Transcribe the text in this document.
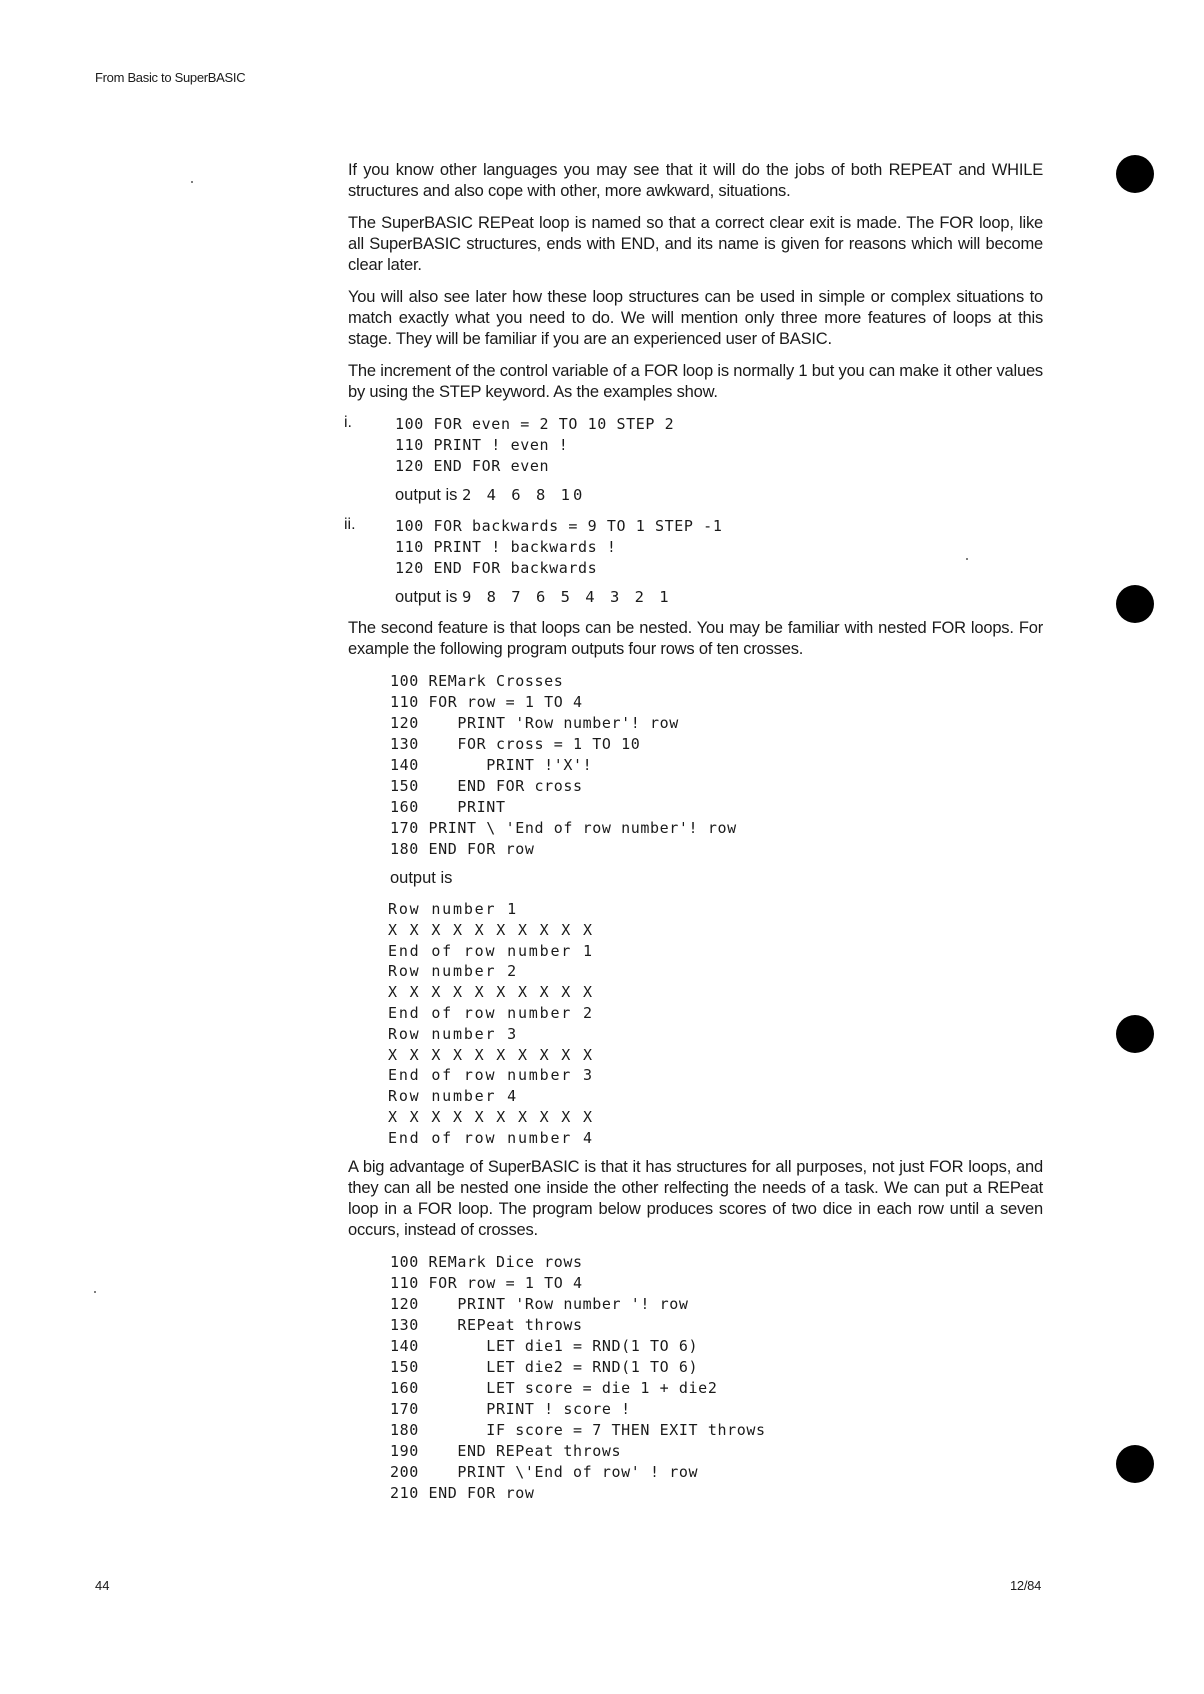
From Basic to SuperBASIC

If you know other languages you may see that it will do the jobs of both REPEAT and WHILE structures and also cope with other, more awkward, situations.

The SuperBASIC REPeat loop is named so that a correct clear exit is made. The FOR loop, like all SuperBASIC structures, ends with END, and its name is given for reasons which will become clear later.

You will also see later how these loop structures can be used in simple or complex situations to match exactly what you need to do. We will mention only three more features of loops at this stage. They will be familiar if you are an experienced user of BASIC.

The increment of the control variable of a FOR loop is normally 1 but you can make it other values by using the STEP keyword. As the examples show.

i.	100 FOR even = 2 TO 10 STEP 2
110 PRINT ! even !
120 END FOR even
output is 2 4 6 8 10
ii.	100 FOR backwards = 9 TO 1 STEP -1
110 PRINT ! backwards !
120 END FOR backwards
output is 9 8 7 6 5 4 3 2 1

The second feature is that loops can be nested. You may be familiar with nested FOR loops. For example the following program outputs four rows of ten crosses.

100 REMark Crosses
110 FOR row = 1 TO 4
120    PRINT 'Row number'! row
130    FOR cross = 1 TO 10
140       PRINT !'X'!
150    END FOR cross
160    PRINT
170 PRINT \ 'End of row number'! row
180 END FOR row
output is
Row number 1
X X X X X X X X X X
End of row number 1
Row number 2
X X X X X X X X X X
End of row number 2
Row number 3
X X X X X X X X X X
End of row number 3
Row number 4
X X X X X X X X X X
End of row number 4

A big advantage of SuperBASIC is that it has structures for all purposes, not just FOR loops, and they can all be nested one inside the other relfecting the needs of a task. We can put a REPeat loop in a FOR loop. The program below produces scores of two dice in each row until a seven occurs, instead of crosses.

100 REMark Dice rows
110 FOR row = 1 TO 4
120    PRINT 'Row number '! row
130    REPeat throws
140       LET die1 = RND(1 TO 6)
150       LET die2 = RND(1 TO 6)
160       LET score = die 1 + die2
170       PRINT ! score !
180       IF score = 7 THEN EXIT throws
190    END REPeat throws
200    PRINT \'End of row' ! row
210 END FOR row
44	12/84
